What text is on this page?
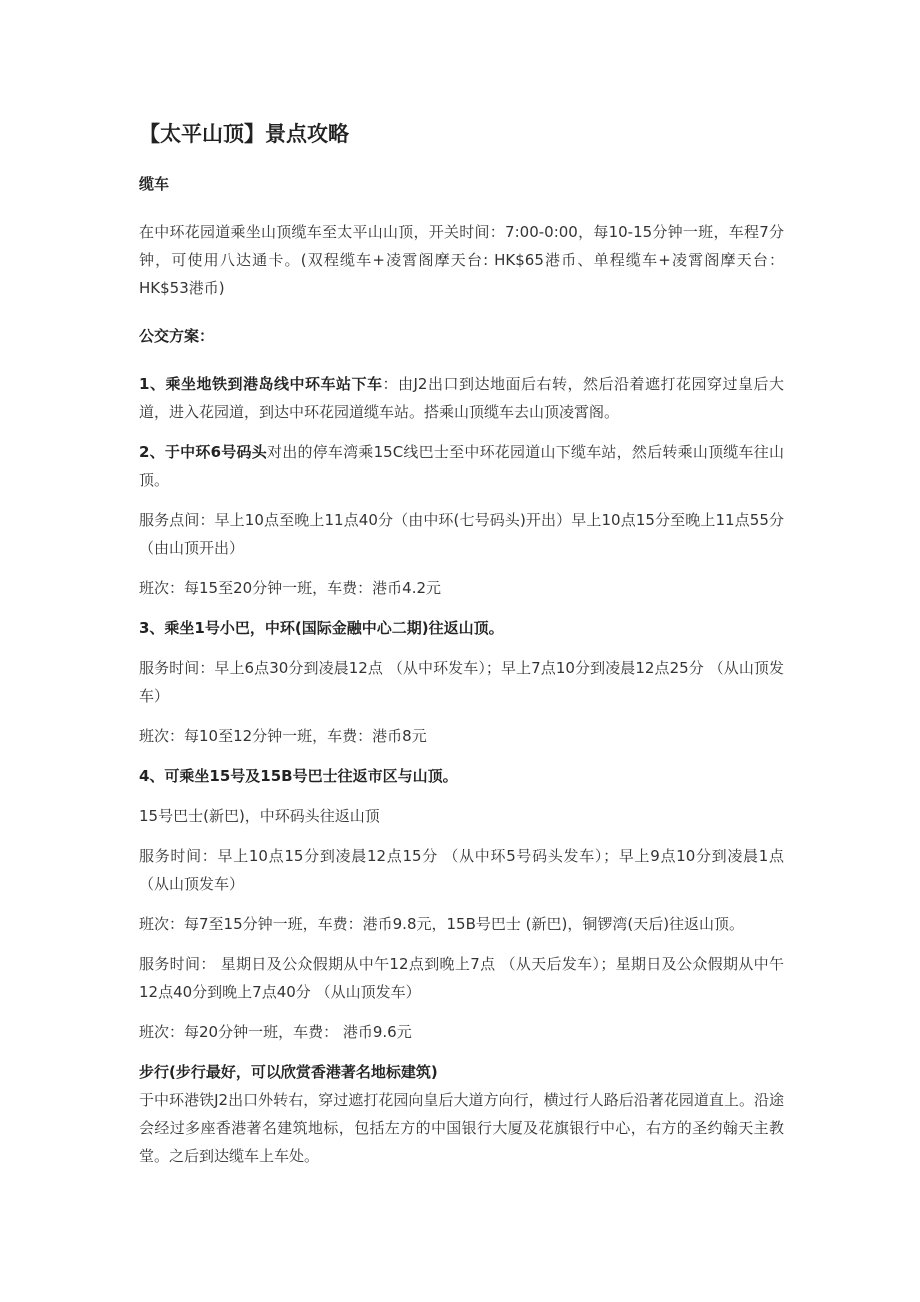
【太平山顶】景点攻略
缆车

在中环花园道乘坐山顶缆车至太平山山顶，开关时间：7:00-0:00，每10-15分钟一班，车程7分钟，可使用八达通卡。(双程缆车+凌霄阁摩天台: HK$65港币、单程缆车+凌霄阁摩天台：HK$53港币)

公交方案：

1、乘坐地铁到港岛线中环车站下车：由J2出口到达地面后右转，然后沿着遮打花园穿过皇后大道，进入花园道，到达中环花园道缆车站。搭乘山顶缆车去山顶凌霄阁。

2、于中环6号码头对出的停车湾乘15C线巴士至中环花园道山下缆车站，然后转乘山顶缆车往山顶。

服务点间：早上10点至晚上11点40分（由中环(七号码头)开出）早上10点15分至晚上11点55分（由山顶开出）

班次：每15至20分钟一班，车费：港币4.2元

3、乘坐1号小巴，中环(国际金融中心二期)往返山顶。

服务时间：早上6点30分到凌晨12点 （从中环发车）；早上7点10分到凌晨12点25分 （从山顶发车）

班次：每10至12分钟一班，车费：港币8元

4、可乘坐15号及15B号巴士往返市区与山顶。

15号巴士(新巴)，中环码头往返山顶

服务时间：早上10点15分到凌晨12点15分 （从中环5号码头发车）；早上9点10分到凌晨1点 （从山顶发车）

班次：每7至15分钟一班，车费：港币9.8元，15B号巴士 (新巴)，铜锣湾(天后)往返山顶。

服务时间： 星期日及公众假期从中午12点到晚上7点 （从天后发车）；星期日及公众假期从中午12点40分到晚上7点40分 （从山顶发车）

班次：每20分钟一班，车费： 港币9.6元

步行(步行最好，可以欣赏香港著名地标建筑)

于中环港铁J2出口外转右，穿过遮打花园向皇后大道方向行，横过行人路后沿著花园道直上。沿途会经过多座香港著名建筑地标，包括左方的中国银行大厦及花旗银行中心，右方的圣约翰天主教堂。之后到达缆车上车处。
